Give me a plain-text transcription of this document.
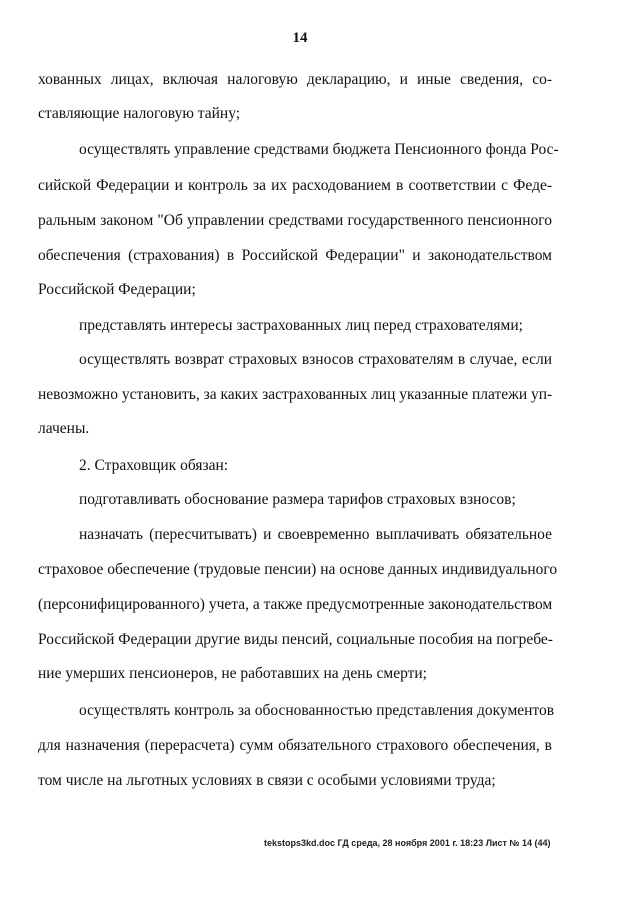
14
хованных лицах, включая налоговую декларацию, и иные сведения, со-
ставляющие налоговую тайну;
осуществлять управление средствами бюджета Пенсионного фонда Рос-
сийской Федерации и контроль за их расходованием в соответствии с Феде-
ральным законом "Об управлении средствами государственного пенсионного
обеспечения (страхования) в Российской Федерации" и законодательством
Российской Федерации;
представлять интересы застрахованных лиц перед страхователями;
осуществлять возврат страховых взносов страхователям в случае, если
невозможно установить, за каких застрахованных лиц указанные платежи уп-
лачены.
2. Страховщик обязан:
подготавливать обоснование размера тарифов страховых взносов;
назначать (пересчитывать) и своевременно выплачивать обязательное
страховое обеспечение (трудовые пенсии) на основе данных индивидуального
(персонифицированного) учета, а также предусмотренные законодательством
Российской Федерации другие виды пенсий, социальные пособия на погребе-
ние умерших пенсионеров, не работавших на день смерти;
осуществлять контроль за обоснованностью представления документов
для назначения (перерасчета) сумм обязательного страхового обеспечения, в
том числе на льготных условиях в связи с особыми условиями труда;
tekstops3kd.doc ГД среда, 28 ноября 2001 г. 18:23 Лист № 14 (44)
